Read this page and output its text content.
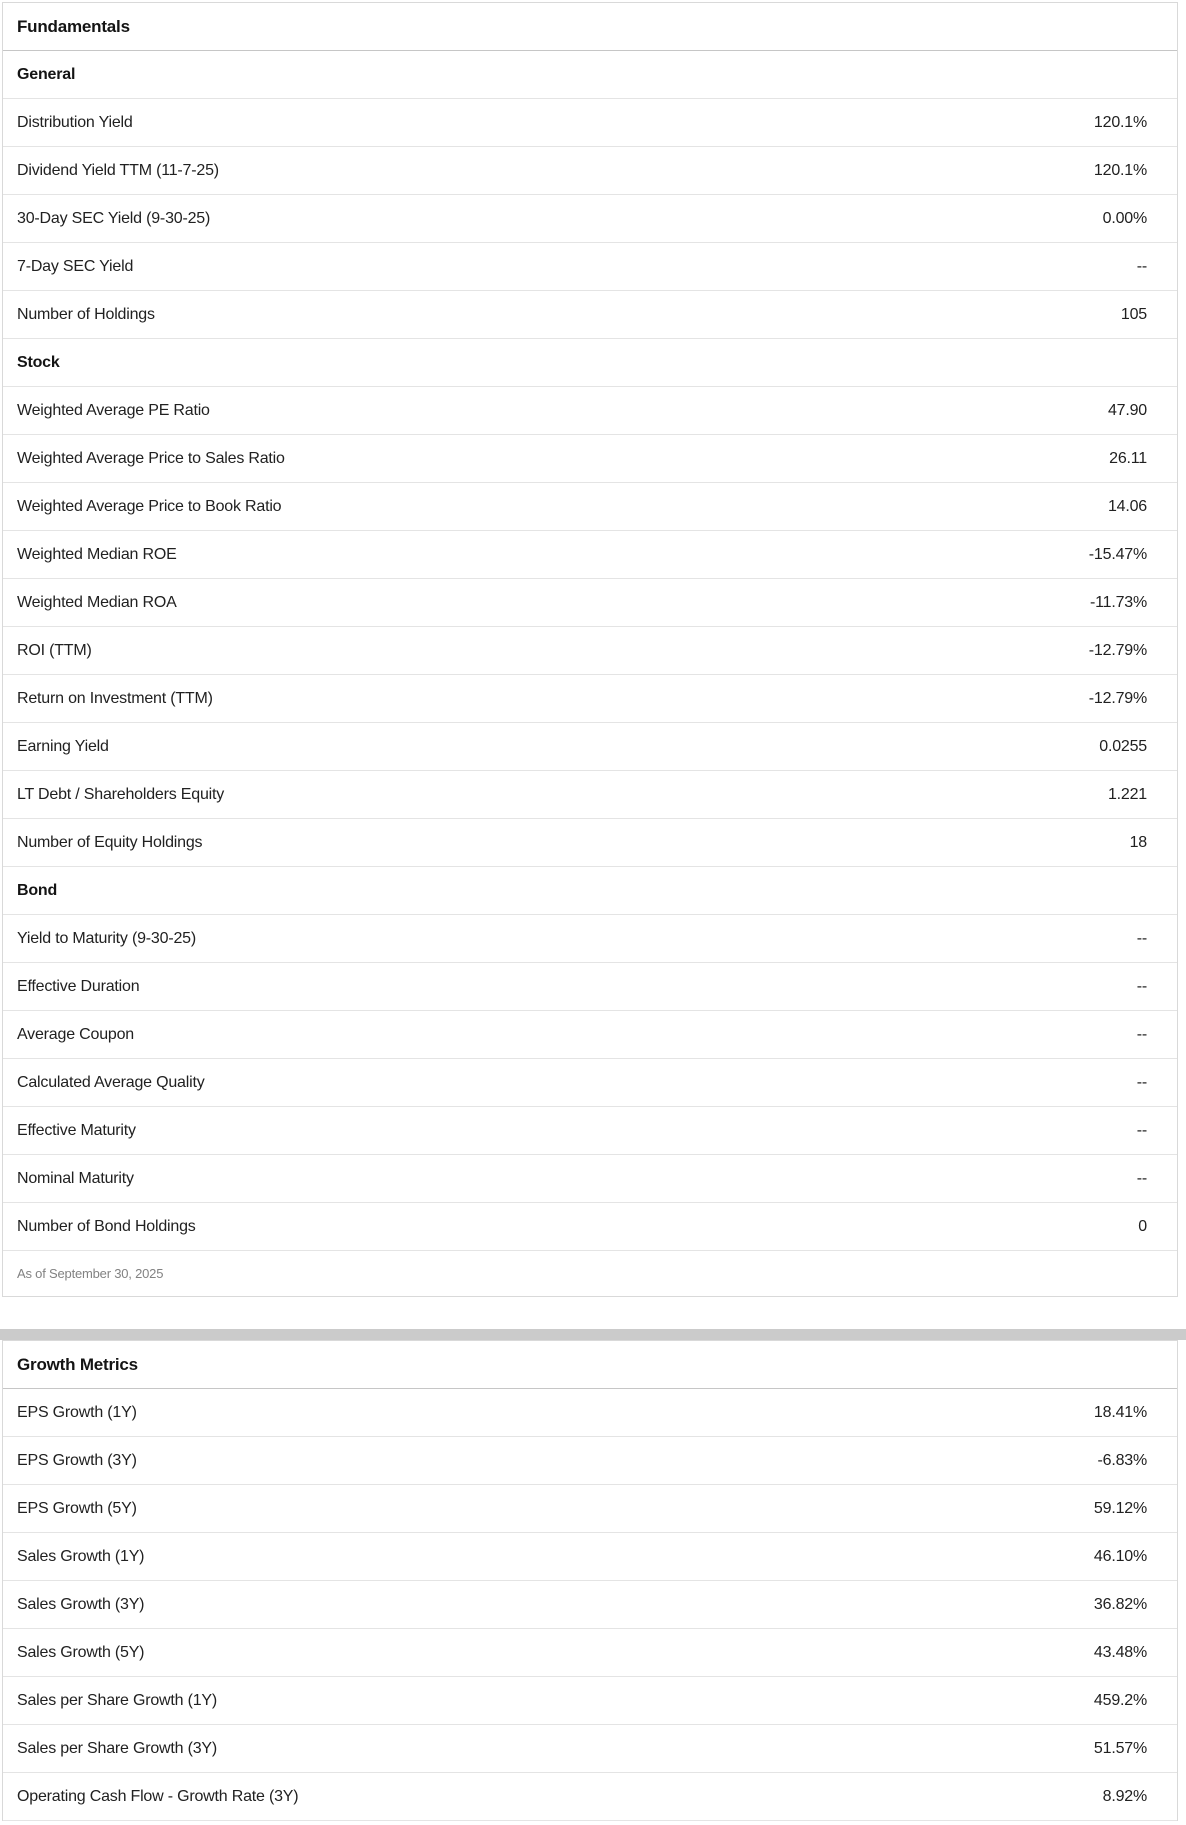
Fundamentals
General
Distribution Yield	120.1%
Dividend Yield TTM (11-7-25)	120.1%
30-Day SEC Yield (9-30-25)	0.00%
7-Day SEC Yield	--
Number of Holdings	105
Stock
Weighted Average PE Ratio	47.90
Weighted Average Price to Sales Ratio	26.11
Weighted Average Price to Book Ratio	14.06
Weighted Median ROE	-15.47%
Weighted Median ROA	-11.73%
ROI (TTM)	-12.79%
Return on Investment (TTM)	-12.79%
Earning Yield	0.0255
LT Debt / Shareholders Equity	1.221
Number of Equity Holdings	18
Bond
Yield to Maturity (9-30-25)	--
Effective Duration	--
Average Coupon	--
Calculated Average Quality	--
Effective Maturity	--
Nominal Maturity	--
Number of Bond Holdings	0
As of September 30, 2025
Growth Metrics
EPS Growth (1Y)	18.41%
EPS Growth (3Y)	-6.83%
EPS Growth (5Y)	59.12%
Sales Growth (1Y)	46.10%
Sales Growth (3Y)	36.82%
Sales Growth (5Y)	43.48%
Sales per Share Growth (1Y)	459.2%
Sales per Share Growth (3Y)	51.57%
Operating Cash Flow - Growth Rate (3Y)	8.92%
